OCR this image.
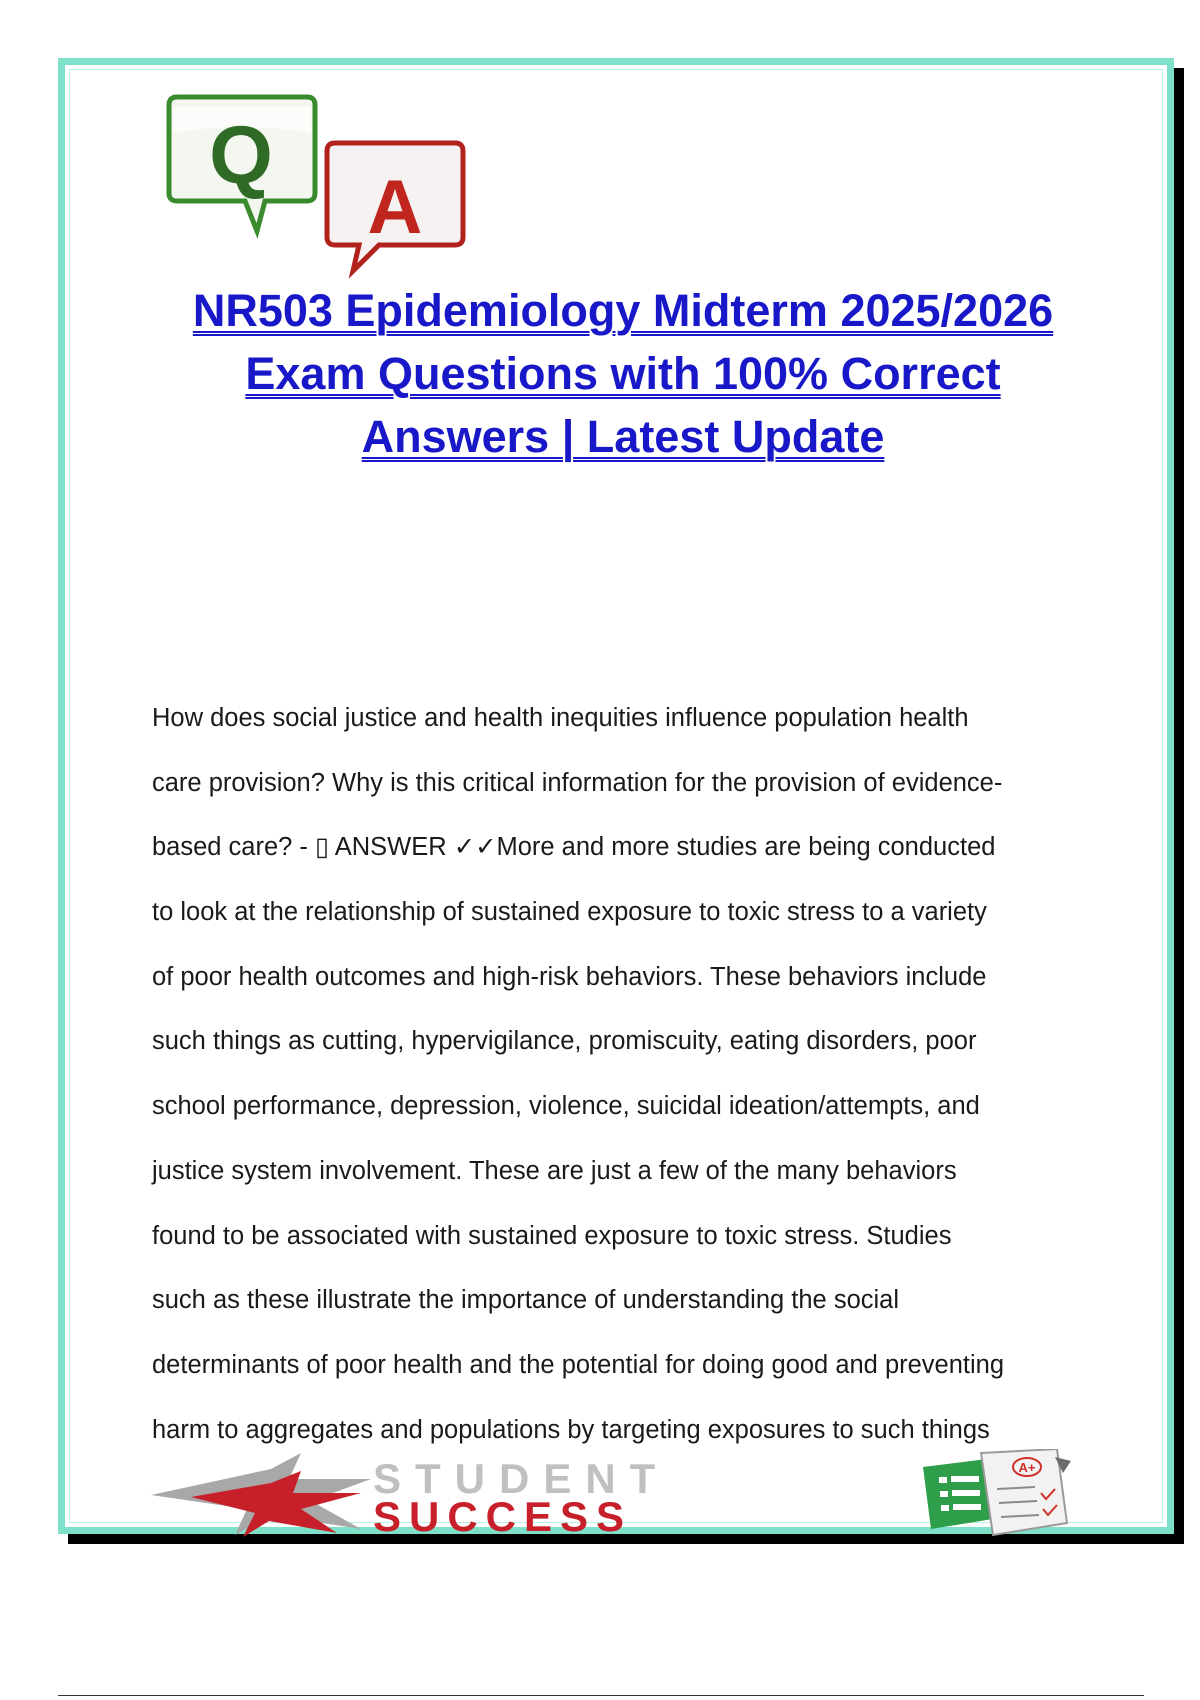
Q
A
NR503 Epidemiology Midterm 2025/2026
Exam Questions with 100% Correct
Answers | Latest Update

How does social justice and health inequities influence population health
care provision? Why is this critical information for the provision of evidence-
based care? - ▯ ANSWER ✓✓More and more studies are being conducted
to look at the relationship of sustained exposure to toxic stress to a variety
of poor health outcomes and high-risk behaviors. These behaviors include
such things as cutting, hypervigilance, promiscuity, eating disorders, poor
school performance, depression, violence, suicidal ideation/attempts, and
justice system involvement. These are just a few of the many behaviors
found to be associated with sustained exposure to toxic stress. Studies
such as these illustrate the importance of understanding the social
determinants of poor health and the potential for doing good and preventing
harm to aggregates and populations by targeting exposures to such things

STUDENT
SUCCESS
A+
